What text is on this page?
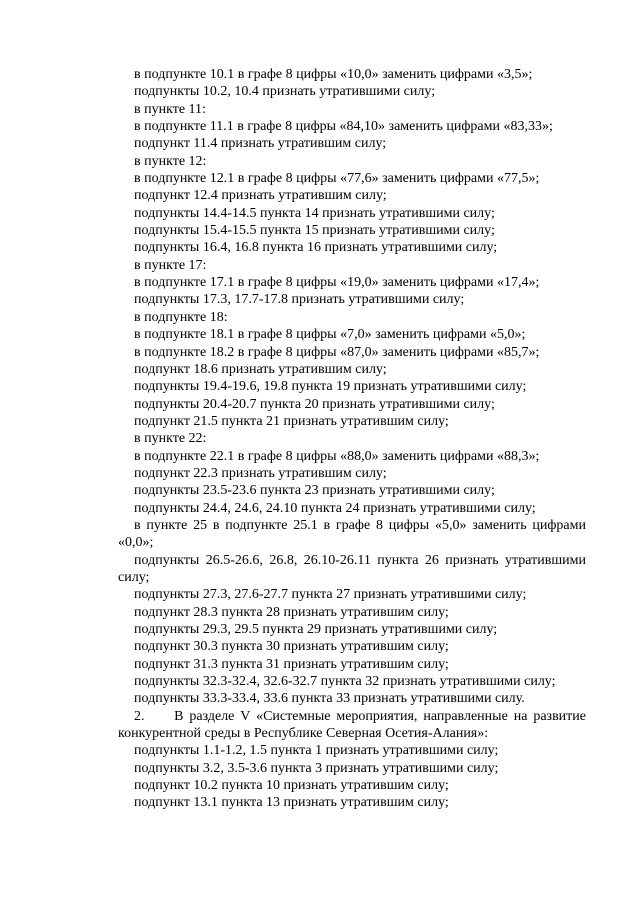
в подпункте 10.1 в графе 8 цифры «10,0» заменить цифрами «3,5»;

подпункты 10.2, 10.4 признать утратившими силу;

в пункте 11:

в подпункте 11.1 в графе 8 цифры «84,10» заменить цифрами «83,33»;

подпункт 11.4 признать утратившим силу;

в пункте 12:

в подпункте 12.1 в графе 8 цифры «77,6» заменить цифрами «77,5»;

подпункт 12.4 признать утратившим силу;

подпункты 14.4-14.5 пункта 14 признать утратившими силу;

подпункты 15.4-15.5 пункта 15 признать утратившими силу;

подпункты 16.4, 16.8 пункта 16 признать утратившими силу;

в пункте 17:

в подпункте 17.1 в графе 8 цифры «19,0» заменить цифрами «17,4»;

подпункты 17.3, 17.7-17.8 признать утратившими силу;

в подпункте 18:

в подпункте 18.1 в графе 8 цифры «7,0» заменить цифрами «5,0»;

в подпункте 18.2 в графе 8 цифры «87,0» заменить цифрами «85,7»;

подпункт 18.6 признать утратившим силу;

подпункты 19.4-19.6, 19.8 пункта 19 признать утратившими силу;

подпункты 20.4-20.7 пункта 20 признать утратившими силу;

подпункт 21.5 пункта 21 признать утратившим силу;

в пункте 22:

в подпункте 22.1 в графе 8 цифры «88,0» заменить цифрами «88,3»;

подпункт 22.3 признать утратившим силу;

подпункты 23.5-23.6 пункта 23 признать утратившими силу;

подпункты 24.4, 24.6, 24.10 пункта 24 признать утратившими силу;

в пункте 25 в подпункте 25.1 в графе 8 цифры «5,0» заменить цифрами «0,0»;

подпункты 26.5-26.6, 26.8, 26.10-26.11 пункта 26 признать утратившими силу;

подпункты 27.3, 27.6-27.7 пункта 27 признать утратившими силу;

подпункт 28.3 пункта 28 признать утратившим силу;

подпункты 29.3, 29.5 пункта 29 признать утратившими силу;

подпункт 30.3 пункта 30 признать утратившим силу;

подпункт 31.3 пункта 31 признать утратившим силу;

подпункты 32.3-32.4, 32.6-32.7 пункта 32 признать утратившими силу;

подпункты 33.3-33.4, 33.6 пункта 33 признать утратившими силу.

2.     В разделе V «Системные мероприятия, направленные на развитие конкурентной среды в Республике Северная Осетия-Алания»:

подпункты 1.1-1.2, 1.5 пункта 1 признать утратившими силу;

подпункты 3.2, 3.5-3.6 пункта 3 признать утратившими силу;

подпункт 10.2 пункта 10 признать утратившим силу;

подпункт 13.1 пункта 13 признать утратившим силу;
